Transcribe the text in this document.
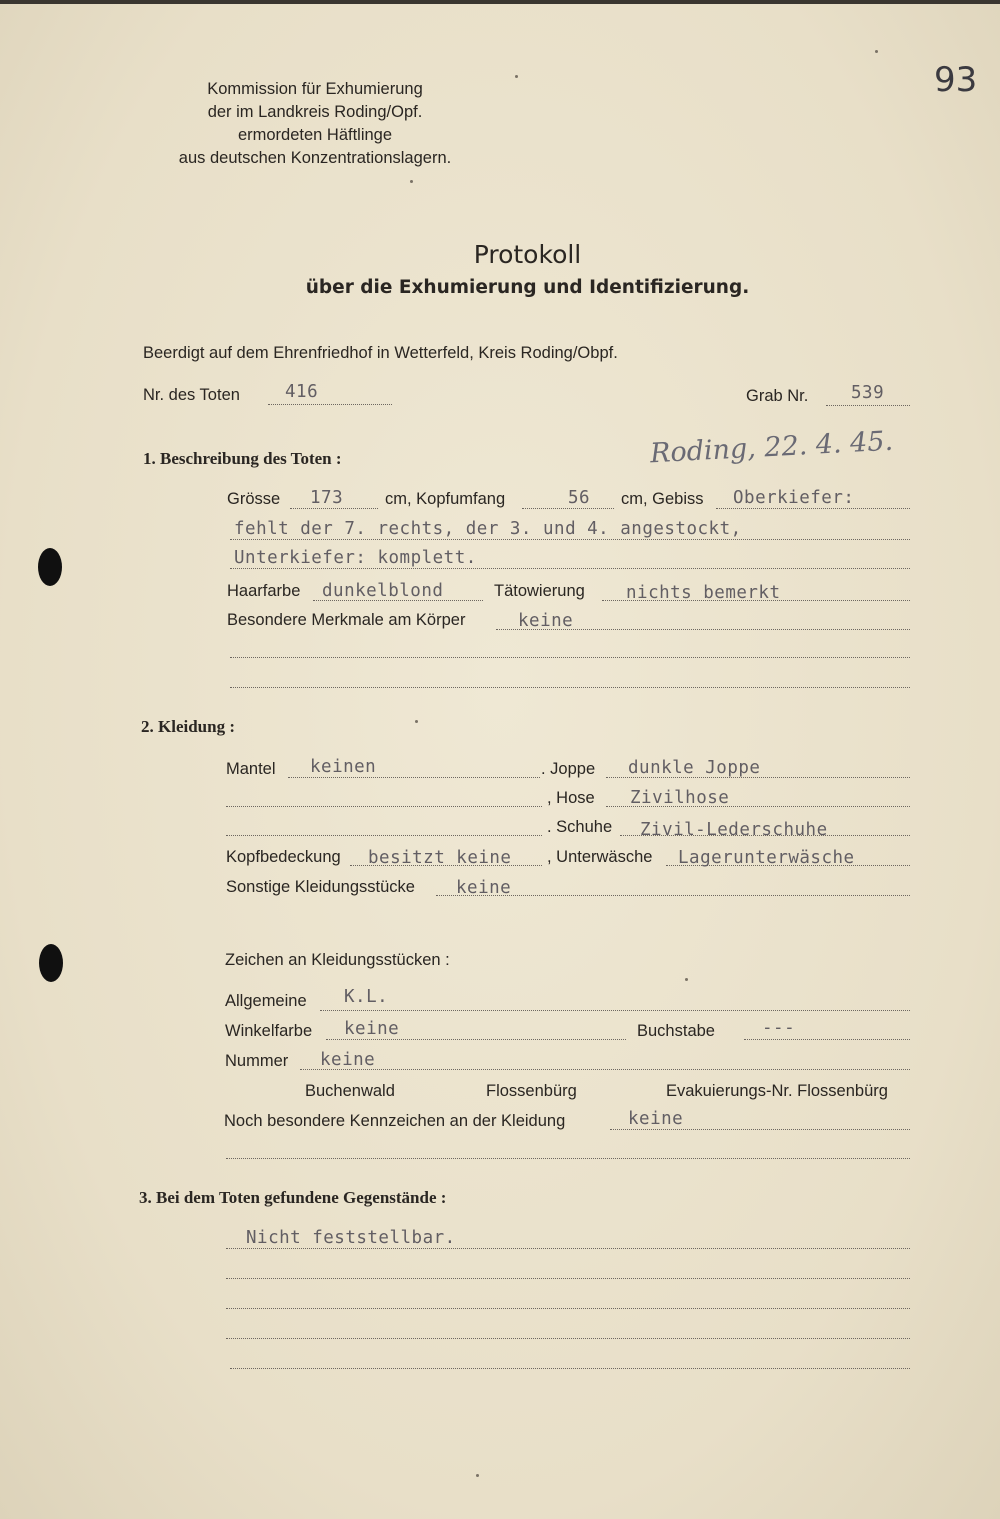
Kommission für Exhumierung
der im Landkreis Roding/Opf.
ermordeten Häftlinge
aus deutschen Konzentrationslagern.
93
Protokoll
über die Exhumierung und Identifizierung.
Beerdigt auf dem Ehrenfriedhof in Wetterfeld, Kreis Roding/Obpf.
Nr. des Toten	416	Grab Nr. 539
Roding, 22. 4. 45.
1. Beschreibung des Toten :
Grösse 173	cm, Kopfumfang	56 cm, Gebiss Oberkiefer:
fehlt der 7. rechts, der 3. und 4. angestockt,
Unterkiefer: komplett.
Haarfarbe dunkelblond	Tätowierung nichts bemerkt
Besondere Merkmale am Körper	keine
2. Kleidung :
Mantel keinen	. Joppe dunkle Joppe
, Hose Zivilhose
. Schuhe Zivil-Lederschuhe
Kopfbedeckung besitzt keine , Unterwäsche Lagerunterwäsche
Sonstige Kleidungsstücke keine
Zeichen an Kleidungsstücken :
Allgemeine K.L.
Winkelfarbe keine	Buchstabe	---
Nummer keine
Buchenwald	Flossenbürg	Evakuierungs-Nr. Flossenbürg
Noch besondere Kennzeichen an der Kleidung	keine
3. Bei dem Toten gefundene Gegenstände :
Nicht feststellbar.
